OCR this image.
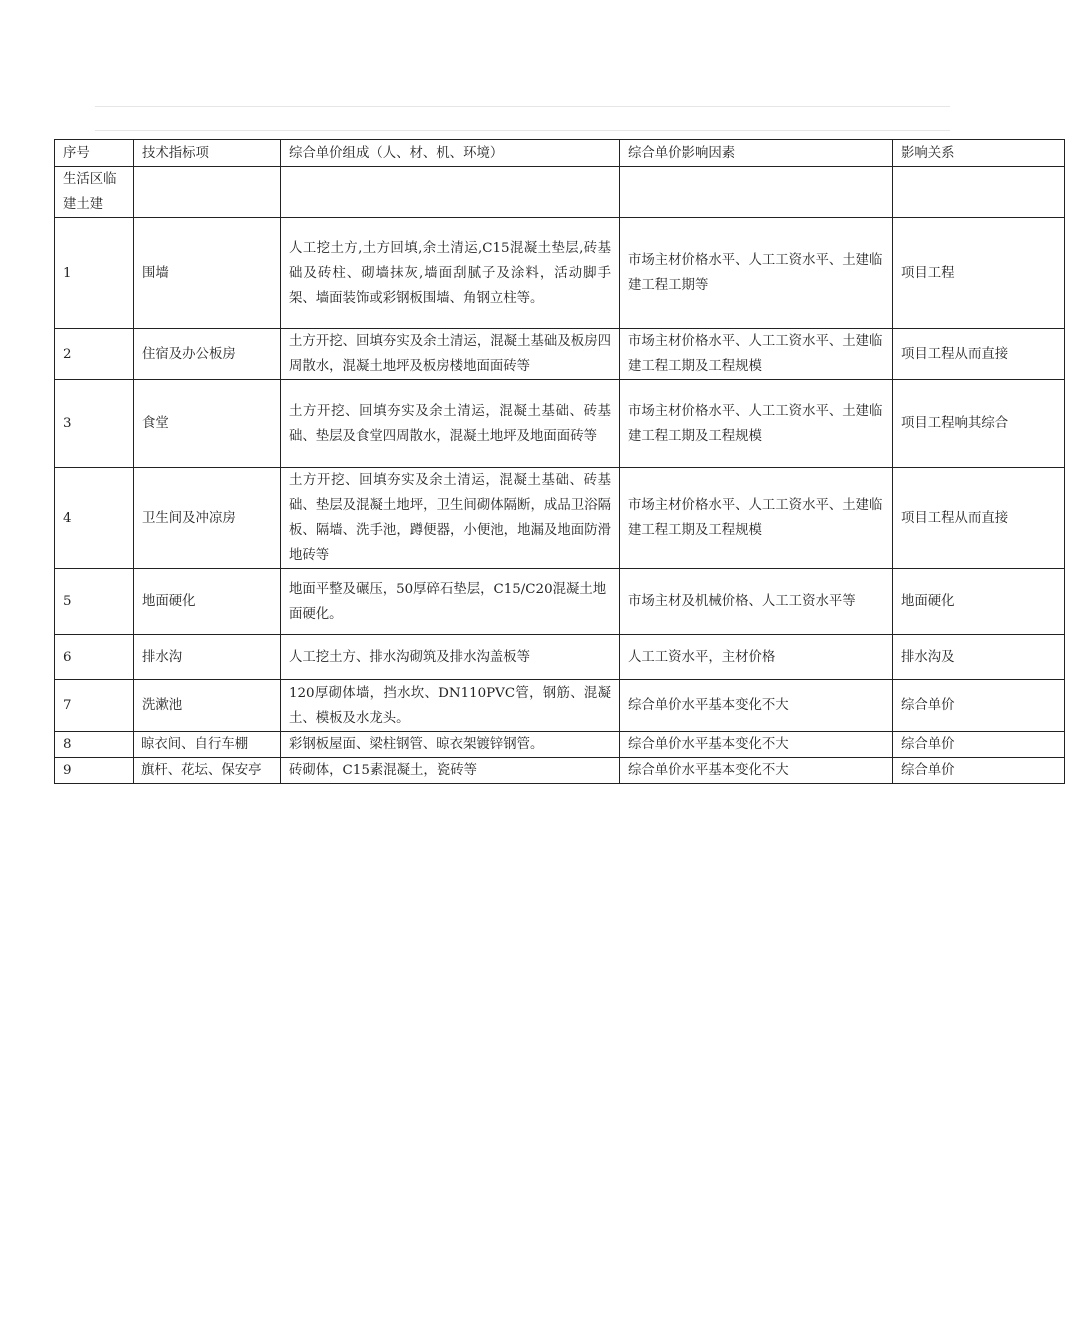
序号	技术指标项	综合单价组成（人、材、机、环境）	综合单价影响因素	影响关系
生活区临建土建				
1	围墙	人工挖土方,土方回填,余土清运,C15混凝土垫层,砖基础及砖柱、砌墙抹灰,墙面刮腻子及涂料，活动脚手架、墙面装饰或彩钢板围墙、角钢立柱等。	市场主材价格水平、人工工资水平、土建临建工程工期等	项目工程
2	住宿及办公板房	土方开挖、回填夯实及余土清运，混凝土基础及板房四周散水，混凝土地坪及板房楼地面面砖等	市场主材价格水平、人工工资水平、土建临建工程工期及工程规模	项目工程从而直接
3	食堂	土方开挖、回填夯实及余土清运，混凝土基础、砖基础、垫层及食堂四周散水，混凝土地坪及地面面砖等	市场主材价格水平、人工工资水平、土建临建工程工期及工程规模	项目工程响其综合
4	卫生间及冲凉房	土方开挖、回填夯实及余土清运，混凝土基础、砖基础、垫层及混凝土地坪，卫生间砌体隔断，成品卫浴隔板、隔墙、洗手池，蹲便器，小便池，地漏及地面防滑地砖等	市场主材价格水平、人工工资水平、土建临建工程工期及工程规模	项目工程从而直接
5	地面硬化	地面平整及碾压，50厚碎石垫层，C15/C20混凝土地面硬化。	市场主材及机械价格、人工工资水平等	地面硬化
6	排水沟	人工挖土方、排水沟砌筑及排水沟盖板等	人工工资水平，主材价格	排水沟及
7	洗漱池	120厚砌体墙，挡水坎、DN110PVC管，钢筋、混凝土、模板及水龙头。	综合单价水平基本变化不大	综合单价
8	晾衣间、自行车棚	彩钢板屋面、梁柱钢管、晾衣架镀锌钢管。	综合单价水平基本变化不大	综合单价
9	旗杆、花坛、保安亭	砖砌体，C15素混凝土，瓷砖等	综合单价水平基本变化不大	综合单价
